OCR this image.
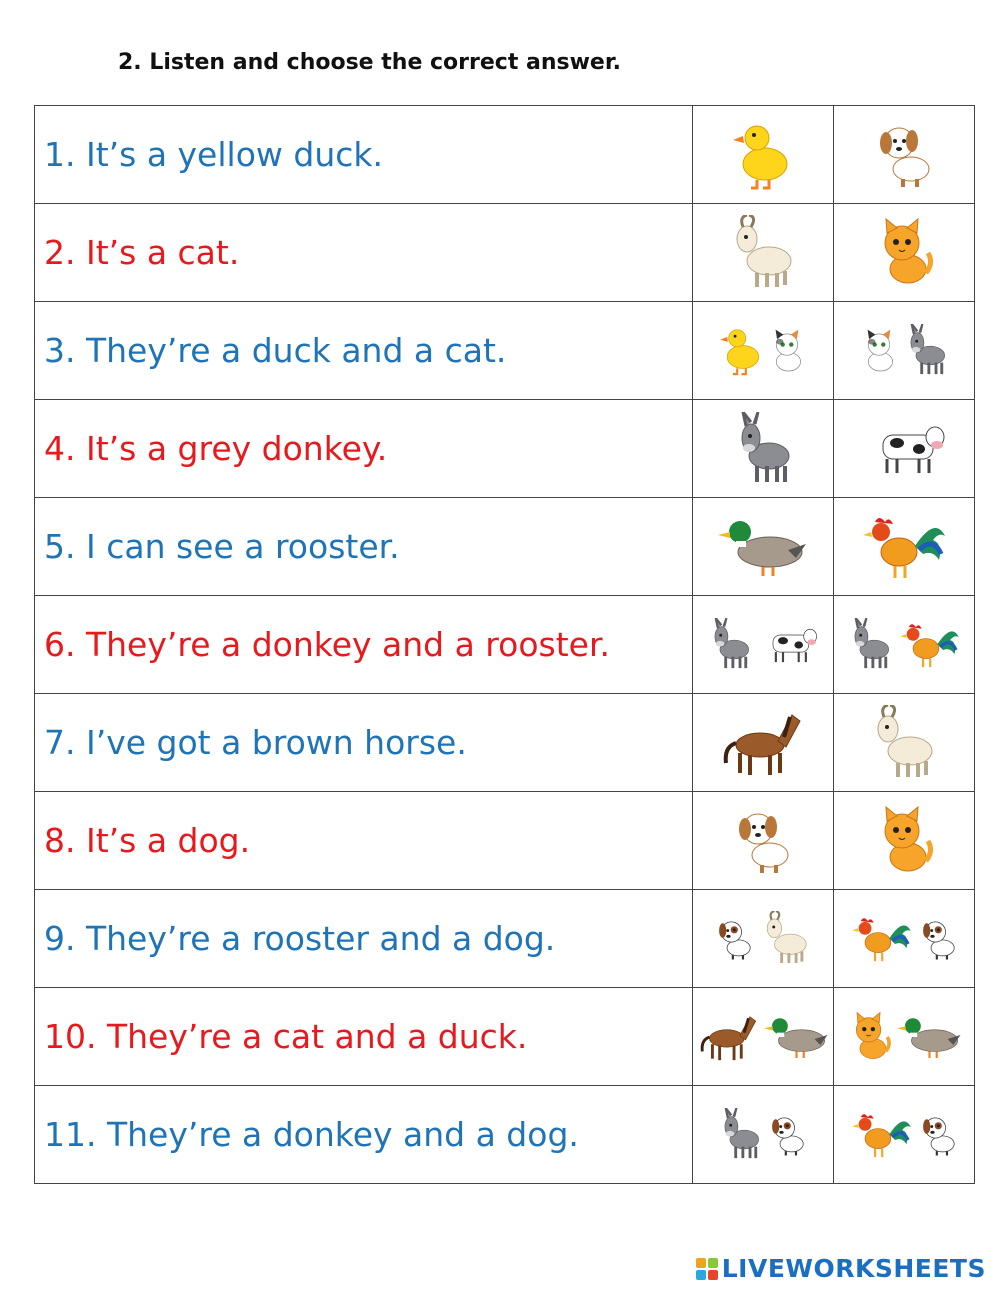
2. Listen and choose the correct answer.
1. It’s a yellow duck.	

2. It’s a cat.	

3. They’re a duck and a cat.	

4. It’s a grey donkey.	

5. I can see a rooster.	

6. They’re a donkey and a rooster.	

7. I’ve got a brown horse.	

8. It’s a dog.	

9. They’re a rooster and a dog.	

10. They’re a cat and a duck.	

11. They’re a donkey and a dog.	

LIVEWORKSHEETS
